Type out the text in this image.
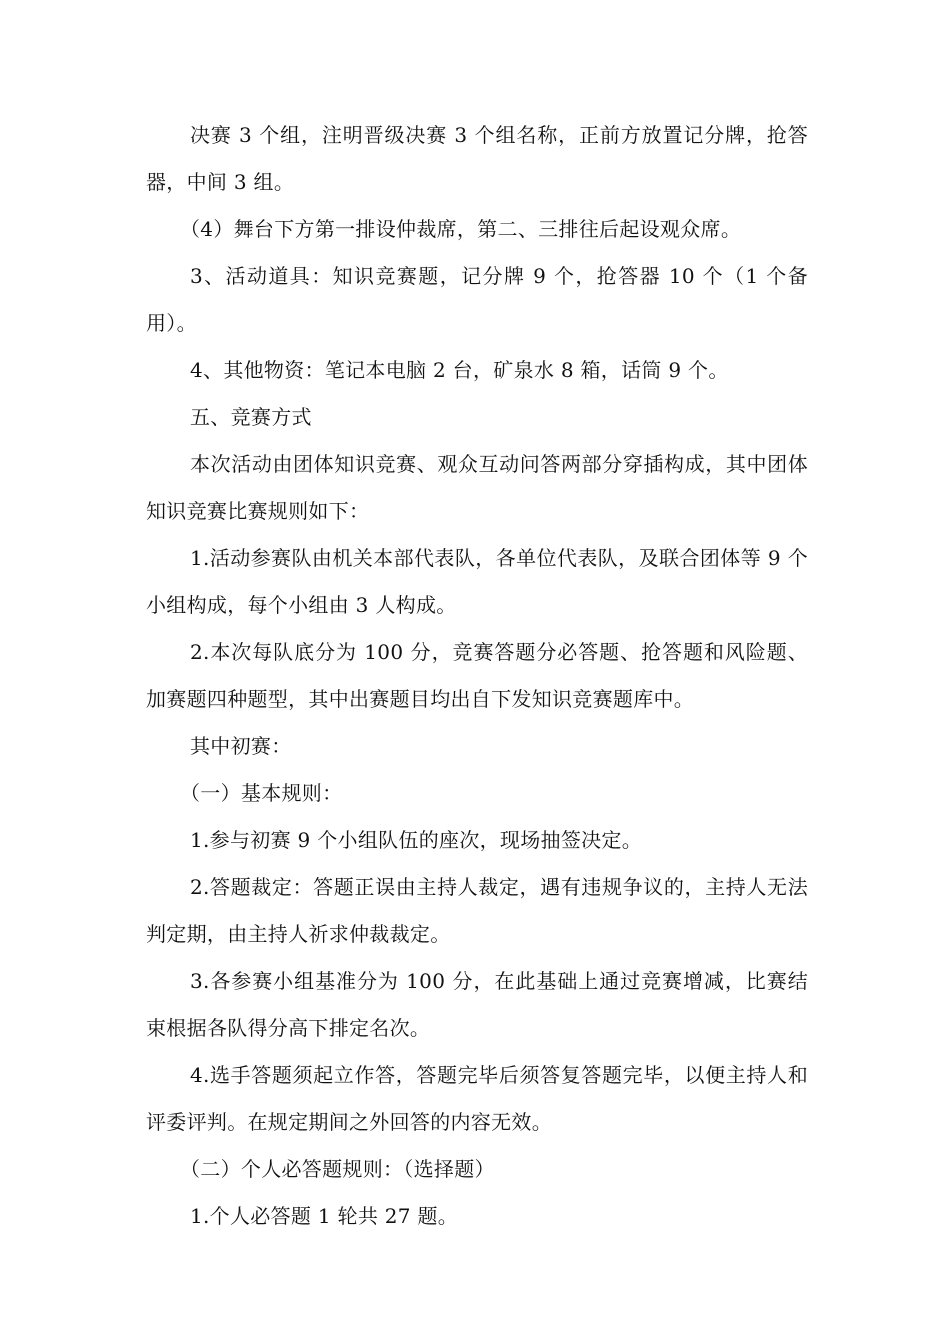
决赛 3 个组，注明晋级决赛 3 个组名称，正前方放置记分牌，抢答器，中间 3 组。

（4）舞台下方第一排设仲裁席，第二、三排往后起设观众席。

3、活动道具：知识竞赛题，记分牌 9 个，抢答器 10 个（1 个备用）。

4、其他物资：笔记本电脑 2 台，矿泉水 8 箱，话筒 9 个。

五、竞赛方式

本次活动由团体知识竞赛、观众互动问答两部分穿插构成，其中团体知识竞赛比赛规则如下：

1.活动参赛队由机关本部代表队，各单位代表队，及联合团体等 9 个小组构成，每个小组由 3 人构成。

2.本次每队底分为 100 分，竞赛答题分必答题、抢答题和风险题、加赛题四种题型，其中出赛题目均出自下发知识竞赛题库中。

其中初赛：

（一）基本规则：

1.参与初赛 9 个小组队伍的座次，现场抽签决定。

2.答题裁定：答题正误由主持人裁定，遇有违规争议的，主持人无法判定期，由主持人祈求仲裁裁定。

3.各参赛小组基准分为 100 分，在此基础上通过竞赛增减，比赛结束根据各队得分高下排定名次。

4.选手答题须起立作答，答题完毕后须答复答题完毕，以便主持人和评委评判。在规定期间之外回答的内容无效。

（二）个人必答题规则：（选择题）

1.个人必答题 1 轮共 27 题。
